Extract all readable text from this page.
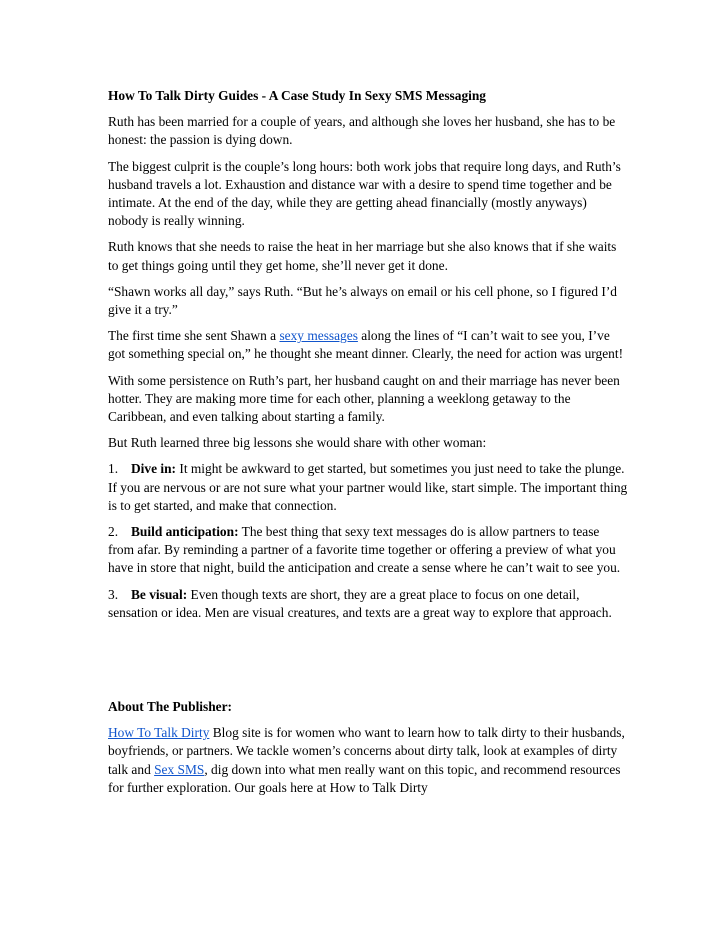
How To Talk Dirty Guides - A Case Study In Sexy SMS Messaging

Ruth has been married for a couple of years, and although she loves her husband, she has to be honest: the passion is dying down.

The biggest culprit is the couple’s long hours: both work jobs that require long days, and Ruth’s husband travels a lot. Exhaustion and distance war with a desire to spend time together and be intimate. At the end of the day, while they are getting ahead financially (mostly anyways) nobody is really winning.

Ruth knows that she needs to raise the heat in her marriage but she also knows that if she waits to get things going until they get home, she’ll never get it done.

“Shawn works all day,” says Ruth. “But he’s always on email or his cell phone, so I figured I’d give it a try.”

The first time she sent Shawn a sexy messages along the lines of “I can’t wait to see you, I’ve got something special on,” he thought she meant dinner. Clearly, the need for action was urgent!

With some persistence on Ruth’s part, her husband caught on and their marriage has never been hotter. They are making more time for each other, planning a weeklong getaway to the Caribbean, and even talking about starting a family.

But Ruth learned three big lessons she would share with other woman:

1. Dive in: It might be awkward to get started, but sometimes you just need to take the plunge. If you are nervous or are not sure what your partner would like, start simple. The important thing is to get started, and make that connection.

2. Build anticipation: The best thing that sexy text messages do is allow partners to tease from afar. By reminding a partner of a favorite time together or offering a preview of what you have in store that night, build the anticipation and create a sense where he can’t wait to see you.

3. Be visual: Even though texts are short, they are a great place to focus on one detail, sensation or idea. Men are visual creatures, and texts are a great way to explore that approach.

About The Publisher:

How To Talk Dirty Blog site is for women who want to learn how to talk dirty to their husbands, boyfriends, or partners. We tackle women’s concerns about dirty talk, look at examples of dirty talk and Sex SMS, dig down into what men really want on this topic, and recommend resources for further exploration. Our goals here at How to Talk Dirty
